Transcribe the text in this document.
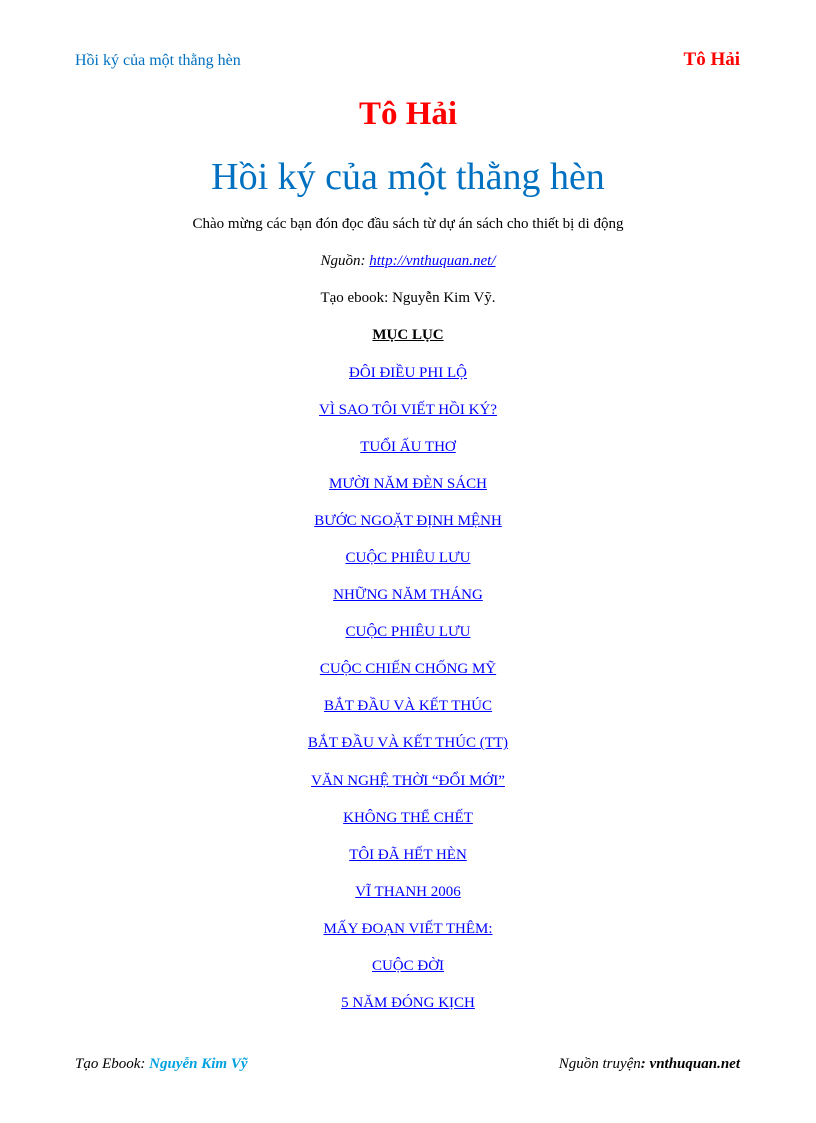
Hồi ký của một thằng hèn	Tô Hải
Tô Hải
Hồi ký của một thằng hèn
Chào mừng các bạn đón đọc đầu sách từ dự án sách cho thiết bị di động
Nguồn: http://vnthuquan.net/
Tạo ebook: Nguyễn Kim Vỹ.
MỤC LỤC
ĐÔI ĐIỀU PHI LỘ
VÌ SAO TÔI VIẾT HỒI KÝ?
TUỔI ẤU THƠ
MƯỜI NĂM ĐÈN SÁCH
BƯỚC NGOẶT ĐỊNH MỆNH
CUỘC PHIÊU LƯU
NHỮNG NĂM THÁNG
CUỘC PHIÊU LƯU
CUỘC CHIẾN CHỐNG MỸ
BẮT ĐẦU VÀ KẾT THÚC
BẮT ĐẦU VÀ KẾT THÚC (TT)
VĂN NGHỆ THỜI “ĐỔI MỚI”
KHÔNG THỂ CHẾT
TÔI ĐÃ HẾT HÈN
VĨ THANH 2006
MẤY ĐOẠN VIẾT THÊM:
CUỘC ĐỜI
5 NĂM ĐÓNG KỊCH
Tạo Ebook: Nguyễn Kim Vỹ	Nguồn truyện: vnthuquan.net
